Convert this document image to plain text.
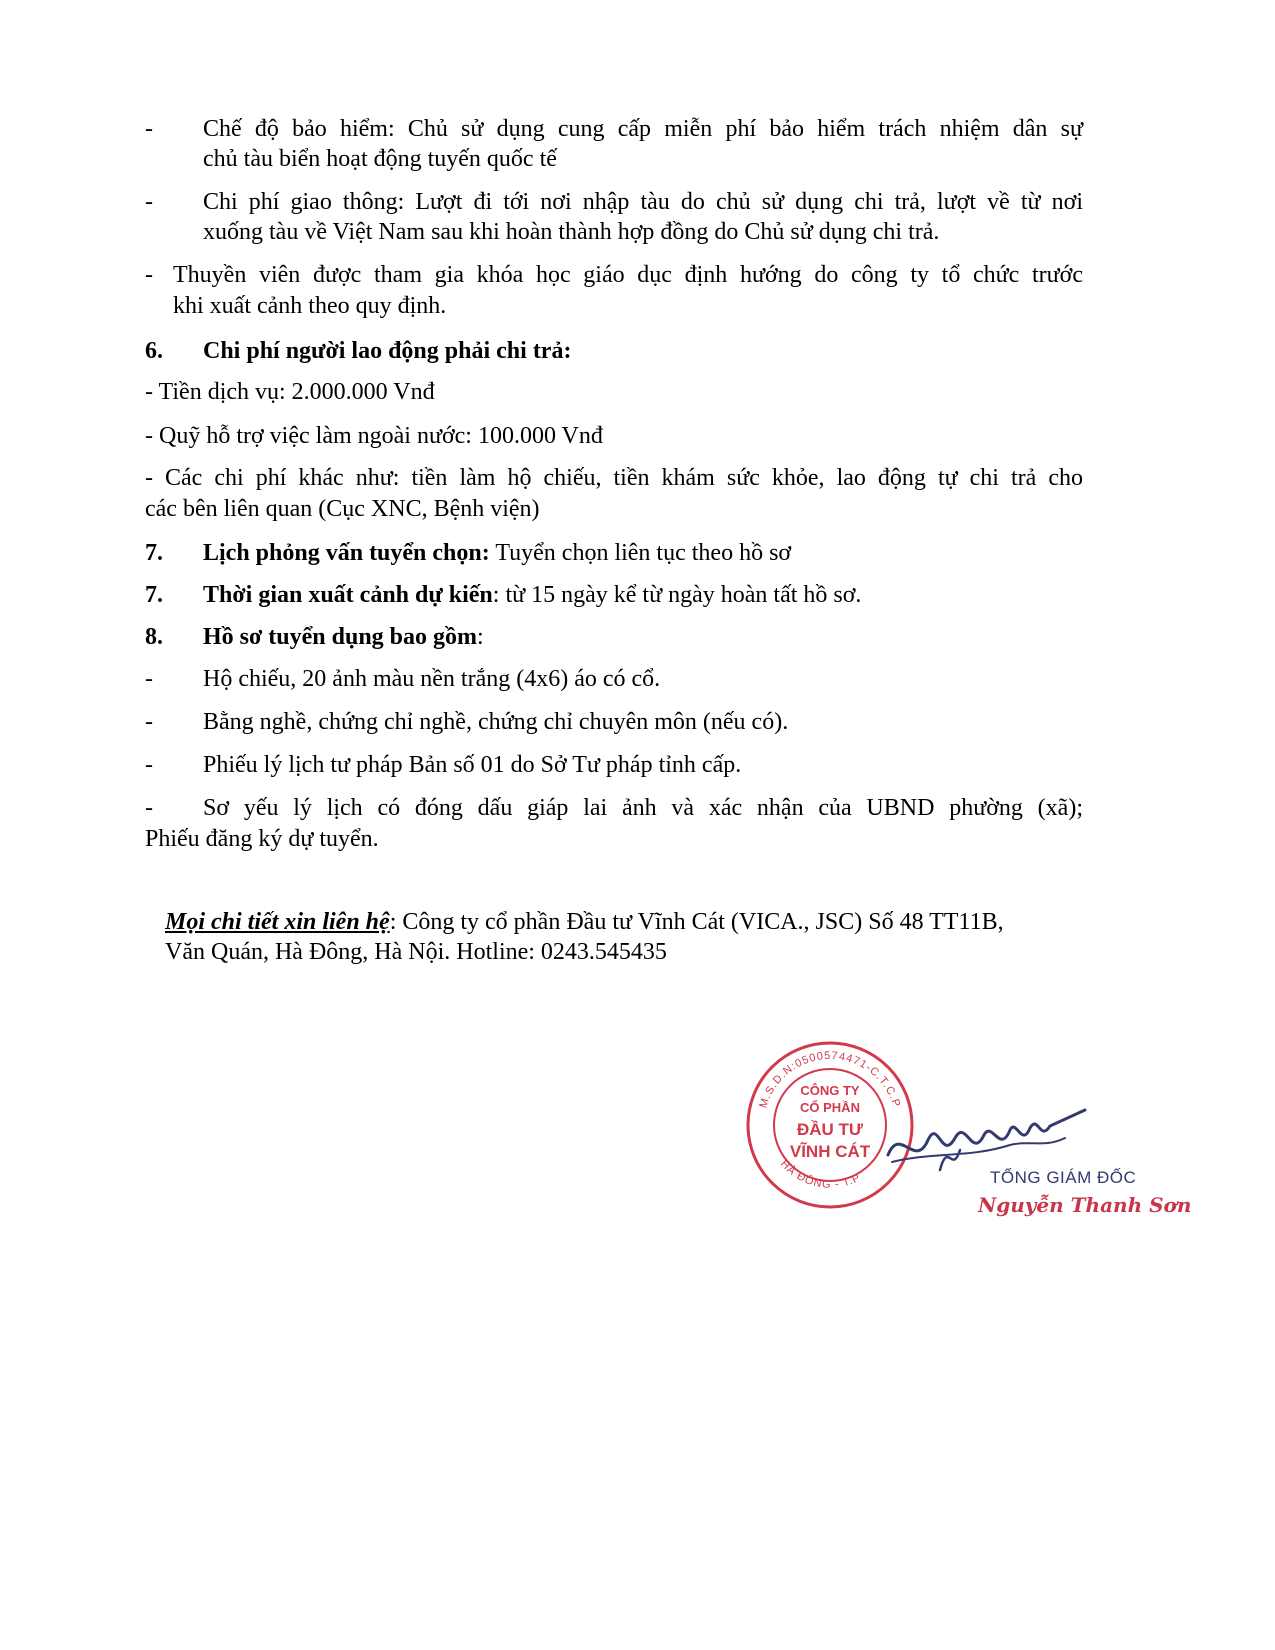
- Chế độ bảo hiểm: Chủ sử dụng cung cấp miễn phí bảo hiểm trách nhiệm dân sự
chủ tàu biển hoạt động tuyến quốc tế
- Chi phí giao thông: Lượt đi tới nơi nhập tàu do chủ sử dụng chi trả, lượt về từ nơi
xuống tàu về Việt Nam sau khi hoàn thành hợp đồng do Chủ sử dụng chi trả.
- Thuyền viên được tham gia khóa học giáo dục định hướng do công ty tổ chức trước
khi xuất cảnh theo quy định.
6. Chi phí người lao động phải chi trả:
- Tiền dịch vụ: 2.000.000 Vnđ
- Quỹ hỗ trợ việc làm ngoài nước: 100.000 Vnđ
- Các chi phí khác như: tiền làm hộ chiếu, tiền khám sức khỏe, lao động tự chi trả cho
các bên liên quan (Cục XNC, Bệnh viện)
7. Lịch phỏng vấn tuyển chọn: Tuyển chọn liên tục theo hồ sơ
7. Thời gian xuất cảnh dự kiến: từ 15 ngày kể từ ngày hoàn tất hồ sơ.
8. Hồ sơ tuyển dụng bao gồm:
- Hộ chiếu, 20 ảnh màu nền trắng (4x6) áo có cổ.
- Bằng nghề, chứng chỉ nghề, chứng chỉ chuyên môn (nếu có).
- Phiếu lý lịch tư pháp Bản số 01 do Sở Tư pháp tỉnh cấp.
- Sơ yếu lý lịch có đóng dấu giáp lai ảnh và xác nhận của UBND phường (xã);
Phiếu đăng ký dự tuyển.
Mọi chi tiết xin liên hệ: Công ty cổ phần Đầu tư Vĩnh Cát (VICA., JSC) Số 48 TT11B,
Văn Quán, Hà Đông, Hà Nội. Hotline: 0243.545435
M.S.D.N:0500574471-C.T.C.P
HÀ ĐÔNG - T.P
CÔNG TY
CỔ PHẦN
ĐẦU TƯ
VĨNH CÁT
TỔNG GIÁM ĐỐC
Nguyễn Thanh Sơn
